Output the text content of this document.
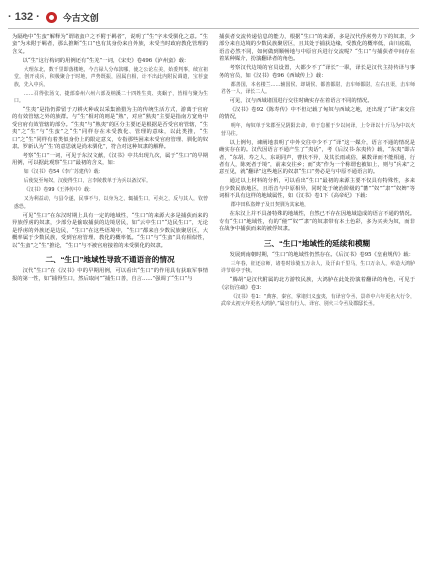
· 132 ·	今古文创

为隔绝中“生蛮”解释为“谓诸蛮户之不附于羁者”，说明了“生”字未受驯化之意。“生蛮”为未附于羁者，那么推断“生口”也有其身份来自外族，未受当时政府教化管理的含义。

以“生”这行构词的用例还有“生羌”一词，《宋史》卷496《泸州蛮》载：

大理东北，数千里即落楼地，今吉禄人分布款哪，使之公论左美，始委判事，续宣祖堂，创开戎兵，积极聚合于时地，声势既振，固属自相，计不出此内附民调遣，宝荐蛮族，先入中兵。

……召得张汤文、捷部泰州六州六部及纳溪二十四姓生夷、夷蜗子，皆相与聚为生口。

“生夷”是指仍滞留于刀耕火种或以采集渔猎为主的传统生活方式，游离于官府的有效管辖之外的族群。与“生”相对的则是“熟”，对应“熟夷”主要是指南方宽角中受官府有效管辖的部分。“生夷”与“熟夷”的区分主要还是根据是否受官府管辖，“生夷”之“生”与“生蛮”之“生”同样存在未受教化、管理的意味，以此类推，“生口”之“生”同样有着类似身份上的限定意义，专指那些困来未受官府管理、驯化的奴隶。罗新认为“‘生’的意思就是尚未驯化”，符合对这种奴隶的解释。

考察“生口”一词，可见于东汉文献，《汉书》中共出现九次，属于“生口”的早期用例，可以据此观察“生口”最初的含义，如：

如《汉书》卷54《李广苏建传》载：

后使复至匈奴，汉使得生口，言李陵教单于为兵以备汉军。

《汉书》卷99《王莽传中》载：

又为利益动，与县令遂，民事不与，以身为之，辄捕生口，可卖之，反与其人，钦曾惑恐。

可见“生口”在东汉时期上具有一定的地域性，“生口”的来源大多是捕获而来的异族俘虏的奴隶，少部分是偷取捕获的边境居民，如“云中生口”“边民生口”，无论是俘虏的外族还是边民，“生口”在这些语境中，“生口”都来自少数民族聚居区，大概率属于少数民族，受到官府管理、教化的概率低。“生口”与“生蛮”具有相似性，以“生蛮”之“生”推论，“生口”与不被官府接着的未受驯化的奴隶。

二、“生口”地域性导致不通语音的情况

汉代“生口”在《汉书》中的早期用例，可以看出“生口”的作用具有获取军事情报的第一性，如“捕得生口，然后取问”“捕生口善，自言……”强调了“生口”与

捕获者交流传递信息的能力，根据“生口”的来源，多是汉代俘虏势力下的奴隶，少部分来自边境的少数民族聚居区，且其处于捕获边缘，受教化的概率低，由川底端，语音必然不同，如何做到顺畅地与中原官兵进行交流呢？“生口”与捕获者中间存在着某种媒介，扮演翻译者的角色。

考察汉代边境的官员设置，大都少不了“译长”一职，译长是汉代主持传译与事务的官员，如《汉书》卷96《西域传上》载：

都善国，本名楼兰……辅国侯、却胡侯、都善都尉，击车师都尉，左右且渠，击车师君各一人，译长二人。

可见，汉与西域诸国进行交往时确实存在着语言不同的情况。

《汉书》卷92《陈寿传》中不但记载了匈奴与西域之地，还出现了“译”来交往的情况，

明年，匈奴单于朱郡至兄阴阳去命，单于怠罹于少以问译，上令译以十斤马为中以火营马往。

以上例句，谏阐地表明了中外交往中少不了“译”这一媒介，语言不通的情况是确实存在的。汉代因语言不通产生了“夷话”，考《后汉书·东夷传》载，“东夷”即古者，“东胡、寿之人、东胡同声，曹状不异，及其长雨或俗，累数译而不能相通，行者有人，陈死者于境”，前来交往乡；而“夷”作为一个称谓也被如上，则与“兵来”之意互见，就“翻译”这些地区的奴隶“生口”势必是与中原不通语言的。

通过以上材料的分析，可以看出“生口”最初的来源主要不仅具有特殊性，多来自少数民族地区，且语音与中原相异，同时处于统治阶级的“蕃”“奴”“隶”“奴婢”等词相不具有这样的地域属性，如《汉书》卷1下《高帝纪》下载：

郡中田私盗婢子及日契驯为其家地，

在东汉上并不具备特殊的地域性，自然已不存在因地域造成的语言不通的情况。专有“生口”地域性，有的“僮”“奴”“隶”的奴隶带有本土色彩，多为买卖为奴，而非在战争中捕获而来的被俘奴隶。

三、“生口”地域性的延续和模糊

发展到南朝时期，“生口”的地域性仍然存在。《后汉书》卷95《皇甫规传》载：

三年春，征还京师，诸卷时诊骑五万余人，及汗由千里马，生口万余人，举造大鸿胪详节彰亭于犊。

“腾胡”是汉代附属的北方游牧民族，大鸿胪在此处扮演着翻译的角色，可见于《宗衍注疏》卷3：

《汉书》卷1：“典客，秦官，掌诸归义蛮夷，有译官令丞，景帝中六年更名大行令，武帝太初元年更名大鸿胪。”属官有行人、译官、别火三令丞及郡邸长丞。
